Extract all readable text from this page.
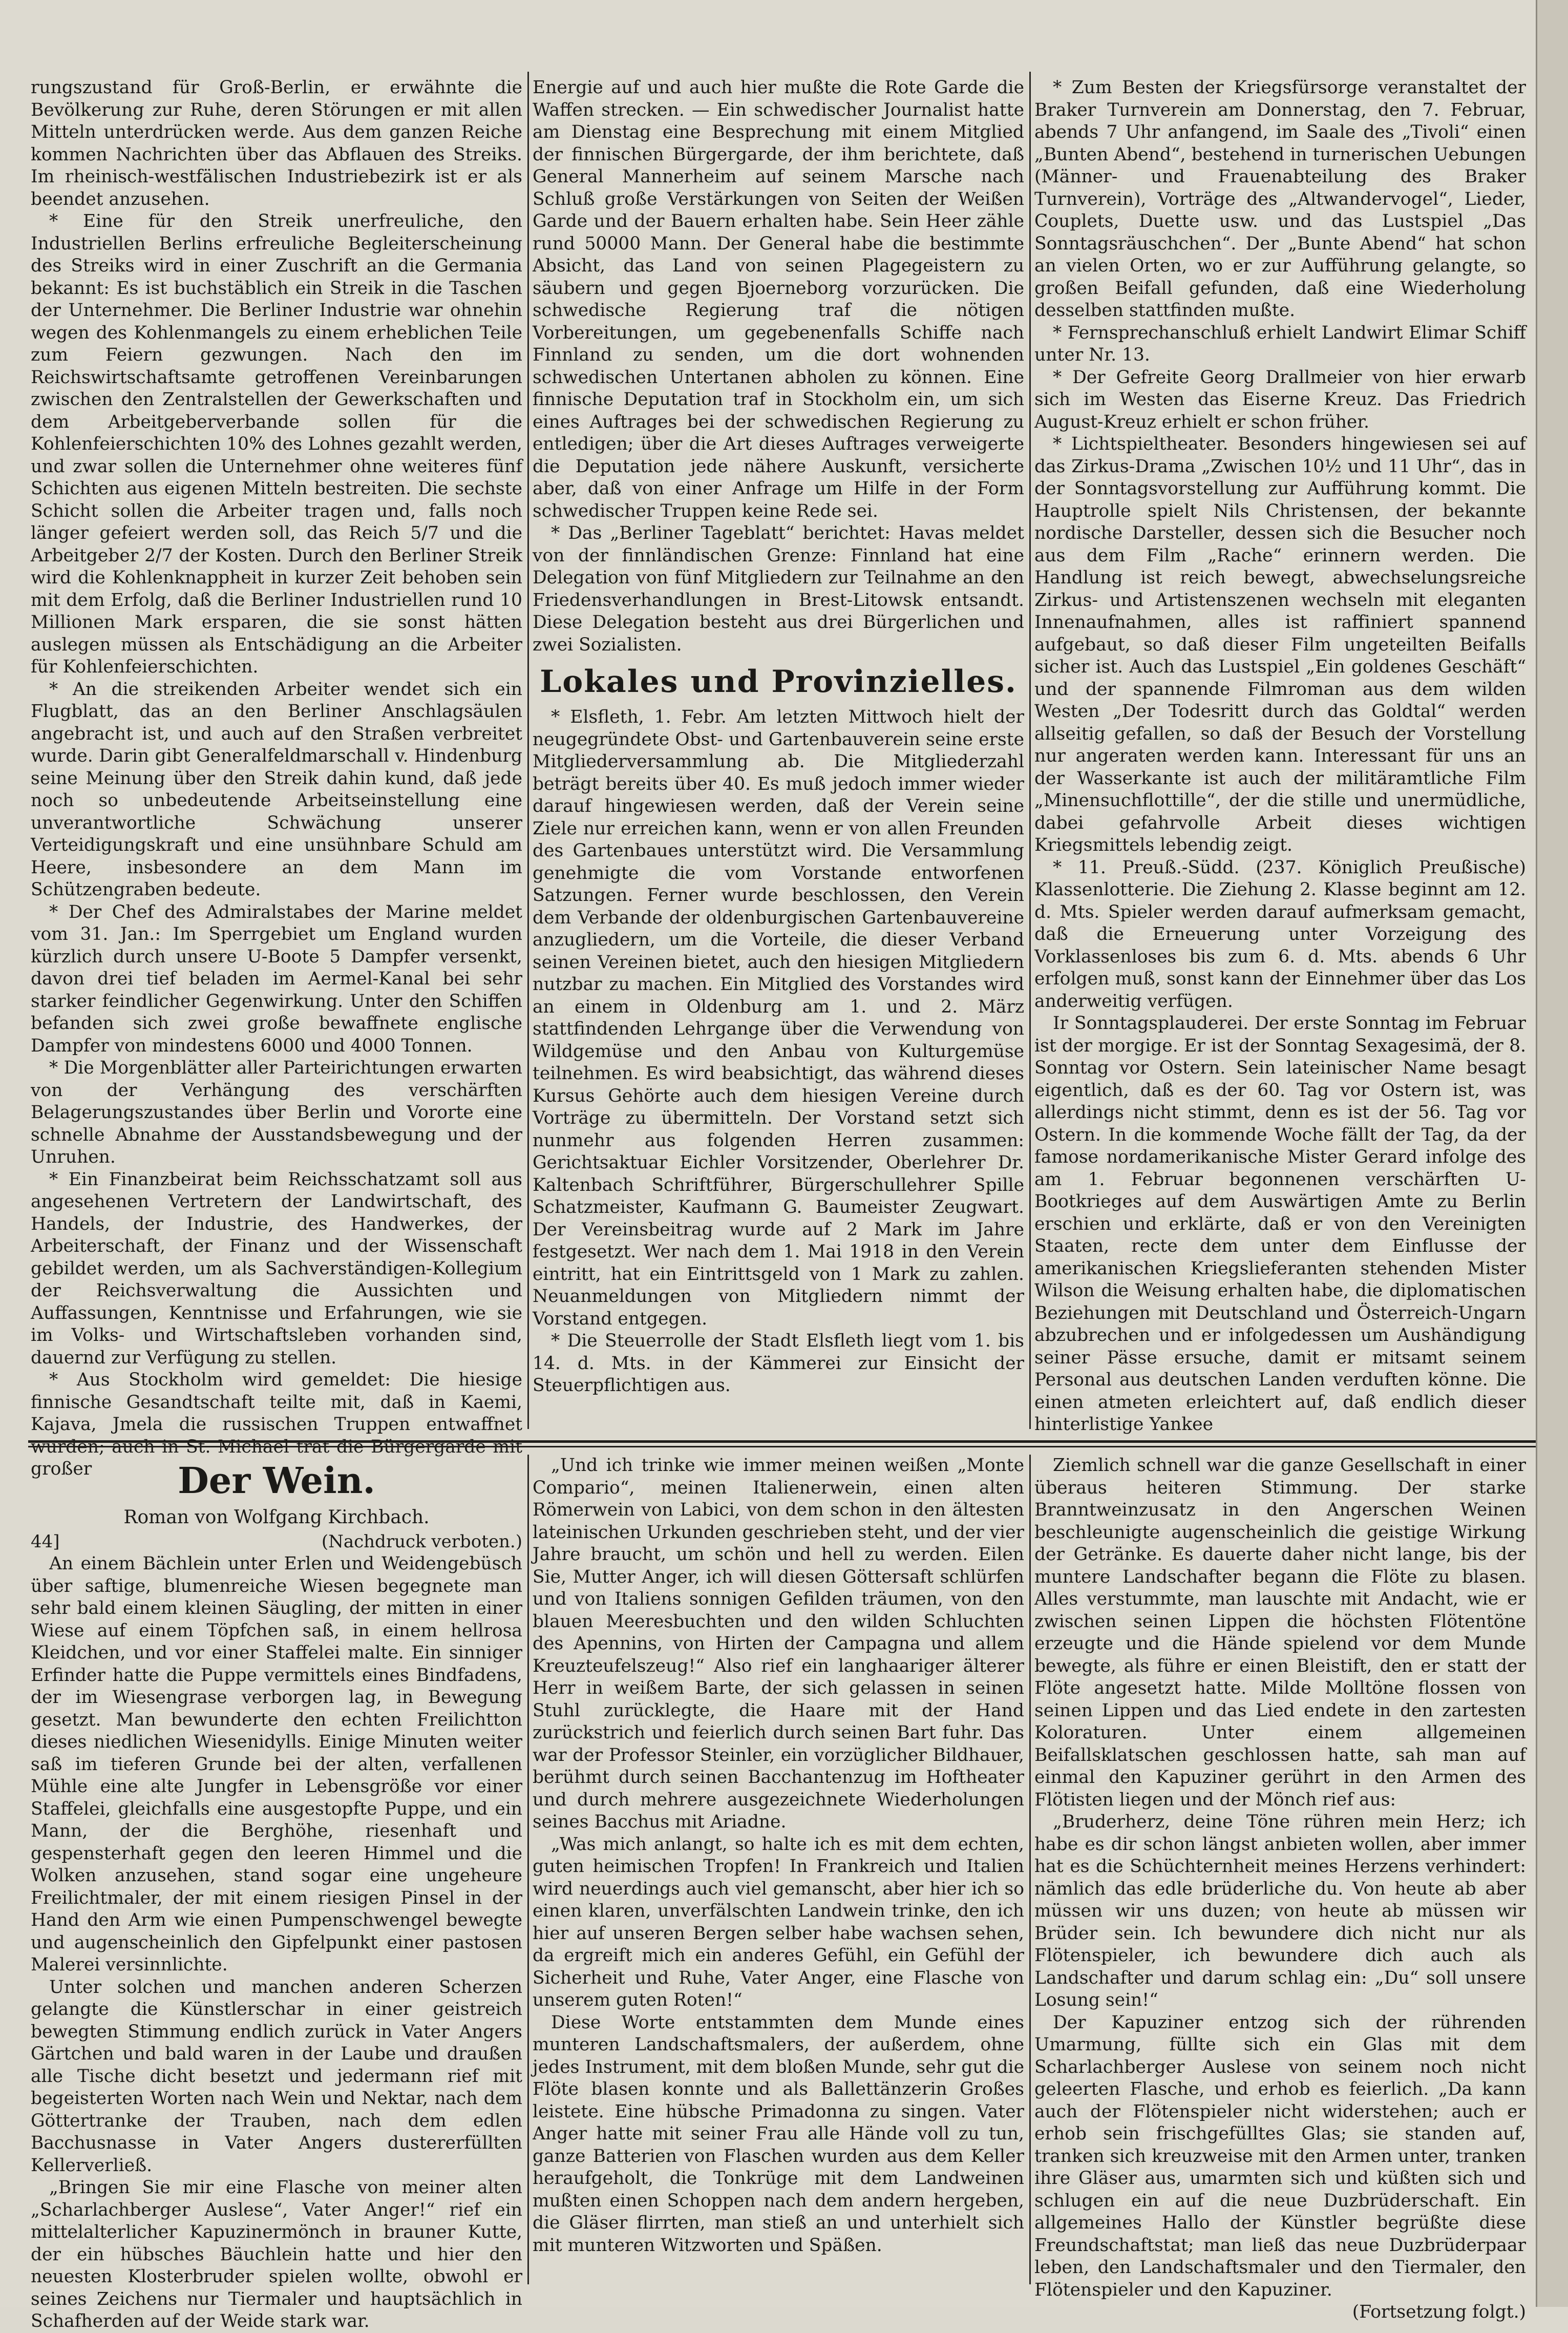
rungszustand für Groß-Berlin, er erwähnte die Bevölkerung zur Ruhe, deren Störungen er mit allen Mitteln unterdrücken werde. Aus dem ganzen Reiche kommen Nachrichten über das Abflauen des Streiks. Im rheinisch-westfälischen Industriebezirk ist er als beendet anzusehen.

* Eine für den Streik unerfreuliche, den Industriellen Berlins erfreuliche Begleiterscheinung des Streiks wird in einer Zuschrift an die Germania bekannt: Es ist buchstäblich ein Streik in die Taschen der Unternehmer. Die Berliner Industrie war ohnehin wegen des Kohlenmangels zu einem erheblichen Teile zum Feiern gezwungen. Nach den im Reichswirtschaftsamte getroffenen Vereinbarungen zwischen den Zentralstellen der Gewerkschaften und dem Arbeitgeberverbande sollen für die Kohlenfeierschichten 10% des Lohnes gezahlt werden, und zwar sollen die Unternehmer ohne weiteres fünf Schichten aus eigenen Mitteln bestreiten. Die sechste Schicht sollen die Arbeiter tragen und, falls noch länger gefeiert werden soll, das Reich 5/7 und die Arbeitgeber 2/7 der Kosten. Durch den Berliner Streik wird die Kohlenknappheit in kurzer Zeit behoben sein mit dem Erfolg, daß die Berliner Industriellen rund 10 Millionen Mark ersparen, die sie sonst hätten auslegen müssen als Entschädigung an die Arbeiter für Kohlenfeierschichten.

* An die streikenden Arbeiter wendet sich ein Flugblatt, das an den Berliner Anschlagsäulen angebracht ist, und auch auf den Straßen verbreitet wurde. Darin gibt Generalfeldmarschall v. Hindenburg seine Meinung über den Streik dahin kund, daß jede noch so unbedeutende Arbeitseinstellung eine unverantwortliche Schwächung unserer Verteidigungskraft und eine unsühnbare Schuld am Heere, insbesondere an dem Mann im Schützengraben bedeute.

* Der Chef des Admiralstabes der Marine meldet vom 31. Jan.: Im Sperrgebiet um England wurden kürzlich durch unsere U-Boote 5 Dampfer versenkt, davon drei tief beladen im Aermel-Kanal bei sehr starker feindlicher Gegenwirkung. Unter den Schiffen befanden sich zwei große bewaffnete englische Dampfer von mindestens 6000 und 4000 Tonnen.

* Die Morgenblätter aller Parteirichtungen erwarten von der Verhängung des verschärften Belagerungszustandes über Berlin und Vororte eine schnelle Abnahme der Ausstandsbewegung und der Unruhen.

* Ein Finanzbeirat beim Reichsschatzamt soll aus angesehenen Vertretern der Landwirtschaft, des Handels, der Industrie, des Handwerkes, der Arbeiterschaft, der Finanz und der Wissenschaft gebildet werden, um als Sachverständigen-Kollegium der Reichsverwaltung die Aussichten und Auffassungen, Kenntnisse und Erfahrungen, wie sie im Volks- und Wirtschaftsleben vorhanden sind, dauernd zur Verfügung zu stellen.

* Aus Stockholm wird gemeldet: Die hiesige finnische Gesandtschaft teilte mit, daß in Kaemi, Kajava, Jmela die russischen Truppen entwaffnet wurden; auch in St. Michael trat die Bürgergarde mit großer

Energie auf und auch hier mußte die Rote Garde die Waffen strecken. — Ein schwedischer Journalist hatte am Dienstag eine Besprechung mit einem Mitglied der finnischen Bürgergarde, der ihm berichtete, daß General Mannerheim auf seinem Marsche nach Schluß große Verstärkungen von Seiten der Weißen Garde und der Bauern erhalten habe. Sein Heer zähle rund 50000 Mann. Der General habe die bestimmte Absicht, das Land von seinen Plagegeistern zu säubern und gegen Bjoerneborg vorzurücken. Die schwedische Regierung traf die nötigen Vorbereitungen, um gegebenenfalls Schiffe nach Finnland zu senden, um die dort wohnenden schwedischen Untertanen abholen zu können. Eine finnische Deputation traf in Stockholm ein, um sich eines Auftrages bei der schwedischen Regierung zu entledigen; über die Art dieses Auftrages verweigerte die Deputation jede nähere Auskunft, versicherte aber, daß von einer Anfrage um Hilfe in der Form schwedischer Truppen keine Rede sei.

* Das „Berliner Tageblatt“ berichtet: Havas meldet von der finnländischen Grenze: Finnland hat eine Delegation von fünf Mitgliedern zur Teilnahme an den Friedensverhandlungen in Brest-Litowsk entsandt. Diese Delegation besteht aus drei Bürgerlichen und zwei Sozialisten.

Lokales und Provinzielles.

* Elsfleth, 1. Febr. Am letzten Mittwoch hielt der neugegründete Obst- und Gartenbauverein seine erste Mitgliederversammlung ab. Die Mitgliederzahl beträgt bereits über 40. Es muß jedoch immer wieder darauf hingewiesen werden, daß der Verein seine Ziele nur erreichen kann, wenn er von allen Freunden des Gartenbaues unterstützt wird. Die Versammlung genehmigte die vom Vorstande entworfenen Satzungen. Ferner wurde beschlossen, den Verein dem Verbande der oldenburgischen Gartenbauvereine anzugliedern, um die Vorteile, die dieser Verband seinen Vereinen bietet, auch den hiesigen Mitgliedern nutzbar zu machen. Ein Mitglied des Vorstandes wird an einem in Oldenburg am 1. und 2. März stattfindenden Lehrgange über die Verwendung von Wildgemüse und den Anbau von Kulturgemüse teilnehmen. Es wird beabsichtigt, das während dieses Kursus Gehörte auch dem hiesigen Vereine durch Vorträge zu übermitteln. Der Vorstand setzt sich nunmehr aus folgenden Herren zusammen: Gerichtsaktuar Eichler Vorsitzender, Oberlehrer Dr. Kaltenbach Schriftführer, Bürgerschullehrer Spille Schatzmeister, Kaufmann G. Baumeister Zeugwart. Der Vereinsbeitrag wurde auf 2 Mark im Jahre festgesetzt. Wer nach dem 1. Mai 1918 in den Verein eintritt, hat ein Eintrittsgeld von 1 Mark zu zahlen. Neuanmeldungen von Mitgliedern nimmt der Vorstand entgegen.

* Die Steuerrolle der Stadt Elsfleth liegt vom 1. bis 14. d. Mts. in der Kämmerei zur Einsicht der Steuerpflichtigen aus.

* Zum Besten der Kriegsfürsorge veranstaltet der Braker Turnverein am Donnerstag, den 7. Februar, abends 7 Uhr anfangend, im Saale des „Tivoli“ einen „Bunten Abend“, bestehend in turnerischen Uebungen (Männer- und Frauenabteilung des Braker Turnverein), Vorträge des „Altwandervogel“, Lieder, Couplets, Duette usw. und das Lustspiel „Das Sonntagsräuschchen“. Der „Bunte Abend“ hat schon an vielen Orten, wo er zur Aufführung gelangte, so großen Beifall gefunden, daß eine Wiederholung desselben stattfinden mußte.

* Fernsprechanschluß erhielt Landwirt Elimar Schiff unter Nr. 13.

* Der Gefreite Georg Drallmeier von hier erwarb sich im Westen das Eiserne Kreuz. Das Friedrich August-Kreuz erhielt er schon früher.

* Lichtspieltheater. Besonders hingewiesen sei auf das Zirkus-Drama „Zwischen 10½ und 11 Uhr“, das in der Sonntagsvorstellung zur Aufführung kommt. Die Hauptrolle spielt Nils Christensen, der bekannte nordische Darsteller, dessen sich die Besucher noch aus dem Film „Rache“ erinnern werden. Die Handlung ist reich bewegt, abwechselungsreiche Zirkus- und Artistenszenen wechseln mit eleganten Innenaufnahmen, alles ist raffiniert spannend aufgebaut, so daß dieser Film ungeteilten Beifalls sicher ist. Auch das Lustspiel „Ein goldenes Geschäft“ und der spannende Filmroman aus dem wilden Westen „Der Todesritt durch das Goldtal“ werden allseitig gefallen, so daß der Besuch der Vorstellung nur angeraten werden kann. Interessant für uns an der Wasserkante ist auch der militäramtliche Film „Minensuchflottille“, der die stille und unermüdliche, dabei gefahrvolle Arbeit dieses wichtigen Kriegsmittels lebendig zeigt.

* 11. Preuß.-Südd. (237. Königlich Preußische) Klassenlotterie. Die Ziehung 2. Klasse beginnt am 12. d. Mts. Spieler werden darauf aufmerksam gemacht, daß die Erneuerung unter Vorzeigung des Vorklassenloses bis zum 6. d. Mts. abends 6 Uhr erfolgen muß, sonst kann der Einnehmer über das Los anderweitig verfügen.

Ir Sonntagsplauderei. Der erste Sonntag im Februar ist der morgige. Er ist der Sonntag Sexagesimä, der 8. Sonntag vor Ostern. Sein lateinischer Name besagt eigentlich, daß es der 60. Tag vor Ostern ist, was allerdings nicht stimmt, denn es ist der 56. Tag vor Ostern. In die kommende Woche fällt der Tag, da der famose nordamerikanische Mister Gerard infolge des am 1. Februar begonnenen verschärften U-Bootkrieges auf dem Auswärtigen Amte zu Berlin erschien und erklärte, daß er von den Vereinigten Staaten, recte dem unter dem Einflusse der amerikanischen Kriegslieferanten stehenden Mister Wilson die Weisung erhalten habe, die diplomatischen Beziehungen mit Deutschland und Österreich-Ungarn abzubrechen und er infolgedessen um Aushändigung seiner Pässe ersuche, damit er mitsamt seinem Personal aus deutschen Landen verduften könne. Die einen atmeten erleichtert auf, daß endlich dieser hinterlistige Yankee

Der Wein.
Roman von Wolfgang Kirchbach.
44]	(Nachdruck verboten.)

An einem Bächlein unter Erlen und Weidengebüsch über saftige, blumenreiche Wiesen begegnete man sehr bald einem kleinen Säugling, der mitten in einer Wiese auf einem Töpfchen saß, in einem hellrosa Kleidchen, und vor einer Staffelei malte. Ein sinniger Erfinder hatte die Puppe vermittels eines Bindfadens, der im Wiesengrase verborgen lag, in Bewegung gesetzt. Man bewunderte den echten Freilichtton dieses niedlichen Wiesenidylls. Einige Minuten weiter saß im tieferen Grunde bei der alten, verfallenen Mühle eine alte Jungfer in Lebensgröße vor einer Staffelei, gleichfalls eine ausgestopfte Puppe, und ein Mann, der die Berghöhe, riesenhaft und gespensterhaft gegen den leeren Himmel und die Wolken anzusehen, stand sogar eine ungeheure Freilichtmaler, der mit einem riesigen Pinsel in der Hand den Arm wie einen Pumpenschwengel bewegte und augenscheinlich den Gipfelpunkt einer pastosen Malerei versinnlichte.

Unter solchen und manchen anderen Scherzen gelangte die Künstlerschar in einer geistreich bewegten Stimmung endlich zurück in Vater Angers Gärtchen und bald waren in der Laube und draußen alle Tische dicht besetzt und jedermann rief mit begeisterten Worten nach Wein und Nektar, nach dem Göttertranke der Trauben, nach dem edlen Bacchusnasse in Vater Angers dustererfüllten Kellerverließ.

„Bringen Sie mir eine Flasche von meiner alten „Scharlachberger Auslese“, Vater Anger!“ rief ein mittelalterlicher Kapuzinermönch in brauner Kutte, der ein hübsches Bäuchlein hatte und hier den neuesten Klosterbruder spielen wollte, obwohl er seines Zeichens nur Tiermaler und hauptsächlich in Schafherden auf der Weide stark war.

„Und ich trinke wie immer meinen weißen „Monte Compario“, meinen Italienerwein, einen alten Römerwein von Labici, von dem schon in den ältesten lateinischen Urkunden geschrieben steht, und der vier Jahre braucht, um schön und hell zu werden. Eilen Sie, Mutter Anger, ich will diesen Göttersaft schlürfen und von Italiens sonnigen Gefilden träumen, von den blauen Meeresbuchten und den wilden Schluchten des Apennins, von Hirten der Campagna und allem Kreuzteufelszeug!“ Also rief ein langhaariger älterer Herr in weißem Barte, der sich gelassen in seinen Stuhl zurücklegte, die Haare mit der Hand zurückstrich und feierlich durch seinen Bart fuhr. Das war der Professor Steinler, ein vorzüglicher Bildhauer, berühmt durch seinen Bacchantenzug im Hoftheater und durch mehrere ausgezeichnete Wiederholungen seines Bacchus mit Ariadne.

„Was mich anlangt, so halte ich es mit dem echten, guten heimischen Tropfen! In Frankreich und Italien wird neuerdings auch viel gemanscht, aber hier ich so einen klaren, unverfälschten Landwein trinke, den ich hier auf unseren Bergen selber habe wachsen sehen, da ergreift mich ein anderes Gefühl, ein Gefühl der Sicherheit und Ruhe, Vater Anger, eine Flasche von unserem guten Roten!“

Diese Worte entstammten dem Munde eines munteren Landschaftsmalers, der außerdem, ohne jedes Instrument, mit dem bloßen Munde, sehr gut die Flöte blasen konnte und als Ballettänzerin Großes leistete. Eine hübsche Primadonna zu singen. Vater Anger hatte mit seiner Frau alle Hände voll zu tun, ganze Batterien von Flaschen wurden aus dem Keller heraufgeholt, die Tonkrüge mit dem Landweinen mußten einen Schoppen nach dem andern hergeben, die Gläser flirrten, man stieß an und unterhielt sich mit munteren Witzworten und Späßen.

Ziemlich schnell war die ganze Gesellschaft in einer überaus heiteren Stimmung. Der starke Branntweinzusatz in den Angerschen Weinen beschleunigte augenscheinlich die geistige Wirkung der Getränke. Es dauerte daher nicht lange, bis der muntere Landschafter begann die Flöte zu blasen. Alles verstummte, man lauschte mit Andacht, wie er zwischen seinen Lippen die höchsten Flötentöne erzeugte und die Hände spielend vor dem Munde bewegte, als führe er einen Bleistift, den er statt der Flöte angesetzt hatte. Milde Molltöne flossen von seinen Lippen und das Lied endete in den zartesten Koloraturen. Unter einem allgemeinen Beifallsklatschen geschlossen hatte, sah man auf einmal den Kapuziner gerührt in den Armen des Flötisten liegen und der Mönch rief aus:

„Bruderherz, deine Töne rühren mein Herz; ich habe es dir schon längst anbieten wollen, aber immer hat es die Schüchternheit meines Herzens verhindert: nämlich das edle brüderliche du. Von heute ab aber müssen wir uns duzen; von heute ab müssen wir Brüder sein. Ich bewundere dich nicht nur als Flötenspieler, ich bewundere dich auch als Landschafter und darum schlag ein: „Du“ soll unsere Losung sein!“

Der Kapuziner entzog sich der rührenden Umarmung, füllte sich ein Glas mit dem Scharlachberger Auslese von seinem noch nicht geleerten Flasche, und erhob es feierlich. „Da kann auch der Flötenspieler nicht widerstehen; auch er erhob sein frischgefülltes Glas; sie standen auf, tranken sich kreuzweise mit den Armen unter, tranken ihre Gläser aus, umarmten sich und küßten sich und schlugen ein auf die neue Duzbrüderschaft. Ein allgemeines Hallo der Künstler begrüßte diese Freundschaftstat; man ließ das neue Duzbrüderpaar leben, den Landschaftsmaler und den Tiermaler, den Flötenspieler und den Kapuziner.

(Fortsetzung folgt.)
